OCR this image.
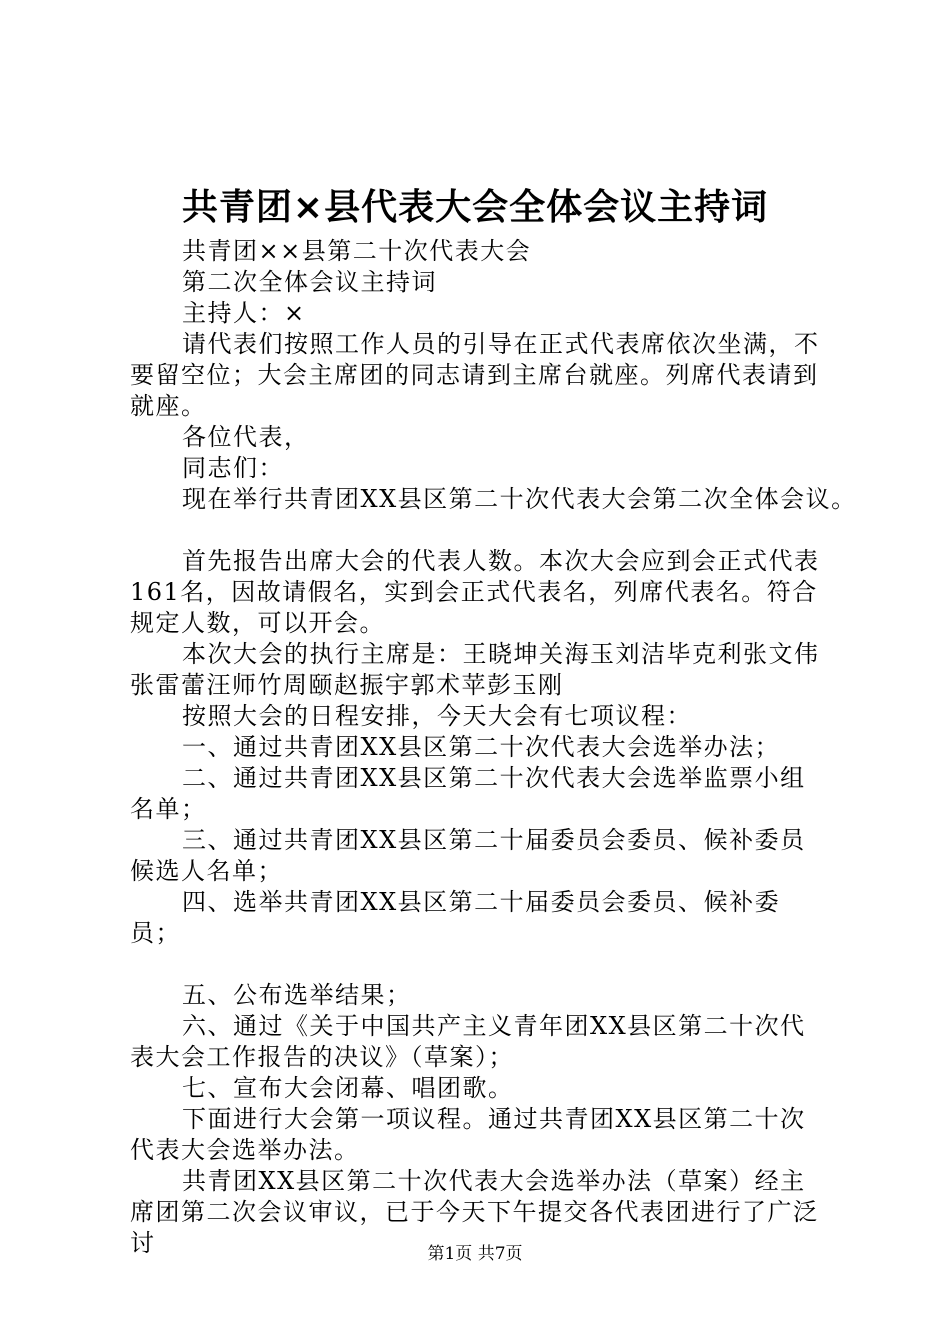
共青团×县代表大会全体会议主持词

共青团××县第二十次代表大会

第二次全体会议主持词

主持人：×

请代表们按照工作人员的引导在正式代表席依次坐满，不要留空位；大会主席团的同志请到主席台就座。列席代表请到就座。

各位代表，

同志们：

现在举行共青团XX县区第二十次代表大会第二次全体会议。

首先报告出席大会的代表人数。本次大会应到会正式代表161名，因故请假名，实到会正式代表名，列席代表名。符合规定人数，可以开会。

本次大会的执行主席是：王晓坤关海玉刘洁毕克利张文伟张雷蕾汪师竹周颐赵振宇郭术苹彭玉刚

按照大会的日程安排，今天大会有七项议程：

一、通过共青团XX县区第二十次代表大会选举办法；

二、通过共青团XX县区第二十次代表大会选举监票小组名单；

三、通过共青团XX县区第二十届委员会委员、候补委员候选人名单；

四、选举共青团XX县区第二十届委员会委员、候补委员；

五、公布选举结果；

六、通过《关于中国共产主义青年团XX县区第二十次代表大会工作报告的决议》（草案）；

七、宣布大会闭幕、唱团歌。

下面进行大会第一项议程。通过共青团XX县区第二十次代表大会选举办法。

共青团XX县区第二十次代表大会选举办法（草案）经主席团第二次会议审议，已于今天下午提交各代表团进行了广泛讨	第1页 共7页
